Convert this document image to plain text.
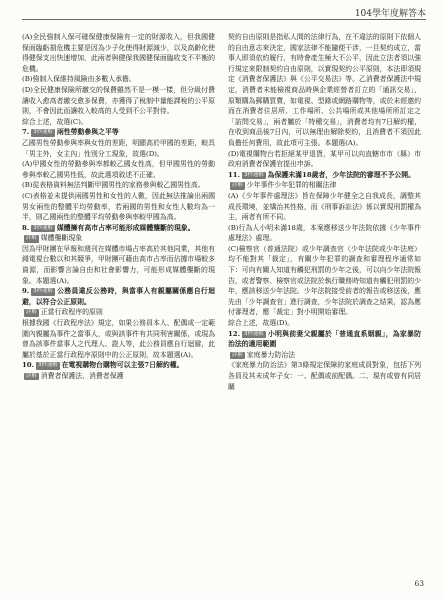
104學年度解答本

(A)全民強制入保可確保健康保險有一定的財源收入，但我國健保面臨虧損危機主要是因為少子化使得財源減少，以及高齡化使得健保支出快速增加，此兩者與健保我國健保面臨收支不平衡的危機。

(B)強制入保維持風險由多數人承擔。

(D)全民健康保險所繳交的保費雖然不是一模一樣，但分級付費讓收入愈高者繳交愈多保費，亦獲得了稅制中量能課稅的公平原則，不會因此而讓收入較高的人受到不公平對待。

綜合上述，故選(C)。

7. 3秒速解 兩性勞動參與之平等

乙國男性勞動參與率與女性的差距，明顯高於甲國的差距，較具「男主外，女主內」性別分工現象，故選(D)。

(A)甲國女性的勞動參與率都較乙國女性高，但甲國男性的勞動參與率較乙國男性低，故此選項敘述不正確。

(B)從表格資料無法判斷甲國男性的家務參與較乙國男性高。

(C)表格並未提供兩國男性和女性的人數，因此無法推論出兩國男女兩性的整體平均勞動率，若兩國的男性和女性人數均為一半，則乙國兩性的整體平均勞動參與率較甲國為高。

8. 3秒速解 媒體擁有高市占率可能形成媒體壟斷的現象。

詳解 媒體壟斷現象

因為甲財團在早報和週刊在媒體市場占率高於其他同業，其他有錢電視台數以和其競爭，甲財團可藉由高市占率而佔據市場較多資源，而影響言論自由和社會影響力，可能形成媒體壟斷的現象。本題選(A)。

9. 3秒速解 公務員違反公務時，與當事人有親屬關係應自行迴避，以符合公正原則。

詳解 正當行政程序的原則

根據我國《行政程序法》規定，如果公務員本人、配偶或一定範圍內親屬為事件之當事人，或與該事件有共同利害關係，或現為曾為該事件當事人之代理人、證人等，此公務員應自行迴避，此屬於基於正當行政程序原則中的公正原則，故本題選(A)。

10. 3秒速解 在電視購物台購物可以主張7日解約權。

詳解 消費者保護法、消費者保護

契約自由原則是指私人間的法律行為，在不違法的原則下依個人的自由意志來決定，國家法律不能隨便干涉，一旦契約成立，當事人即須依約履行，有時會產生極大不公平，因此立法者須以強行規定來限制契約自由原則，以實現契約公平原則，本法即須規定《消費者保護法》與《公平交易法》等。乙消費者保護法中規定，消費者未能檢視商品時與企業經營者訂立的「通訊交易」，原類購為郵購買賣，如電視、型錄或網路購物等，或於未經邀約而在消費者住居所、工作場所、公共場所或其他場所所訂定之「訪問交易」，兩者屬於「特種交易」，消費者均有7日解約權，在收到商品後7日內，可以無理由解除契約，且消費者不須因此負擔任何費用，故此項可主張。本題選(A)。

(D)電視購物台若拒絕某甲退貨，某甲可以向直轄市市（縣）市政府消費者保護官提出申訴。

11. 3秒速解 為保護未滿18歲者，少年法院的審理不予公開。

詳解 少年事件少年犯罪的相關法律

(A)《少年事件處理法》旨在保障少年健全之自我成長，調整其成長環境，並矯治其性格，而《刑事訴訟法》係以實現刑罰權為主，兩者有所不同。

(B)行為人小明未滿18歲，本案應移送少年法院依據《少年事件處理法》處理。

(C)檢察官（普通法院）或少年調查官（少年法院或少年法庭）均不能對其「裁定」，有關少年犯罪的調查和審理程序通常如下：可向有關人知道有觸犯刑罰的少年之後，可以向少年法院報告，或者警察、檢察官或法院於執行職務時知道有觸犯刑罰的少年，應該移送少年法院。少年法院接受前者的報告或移送後，應先由「少年調查官」進行調查，少年法院於調查之結果，認為應付審理者，應「裁定」對小明開始審理。

綜合上述，故選(D)。

12. 3秒速解 小明與前妻父親屬於「普通直系姻親」，為家暴防治法的適用範圍

詳解 家庭暴力防治法

《家庭暴力防治法》第3條規定保障的家庭成員對象，包括下列各員及其未成年子女：一、配偶或前配偶。二、現有或曾有同居關

63
